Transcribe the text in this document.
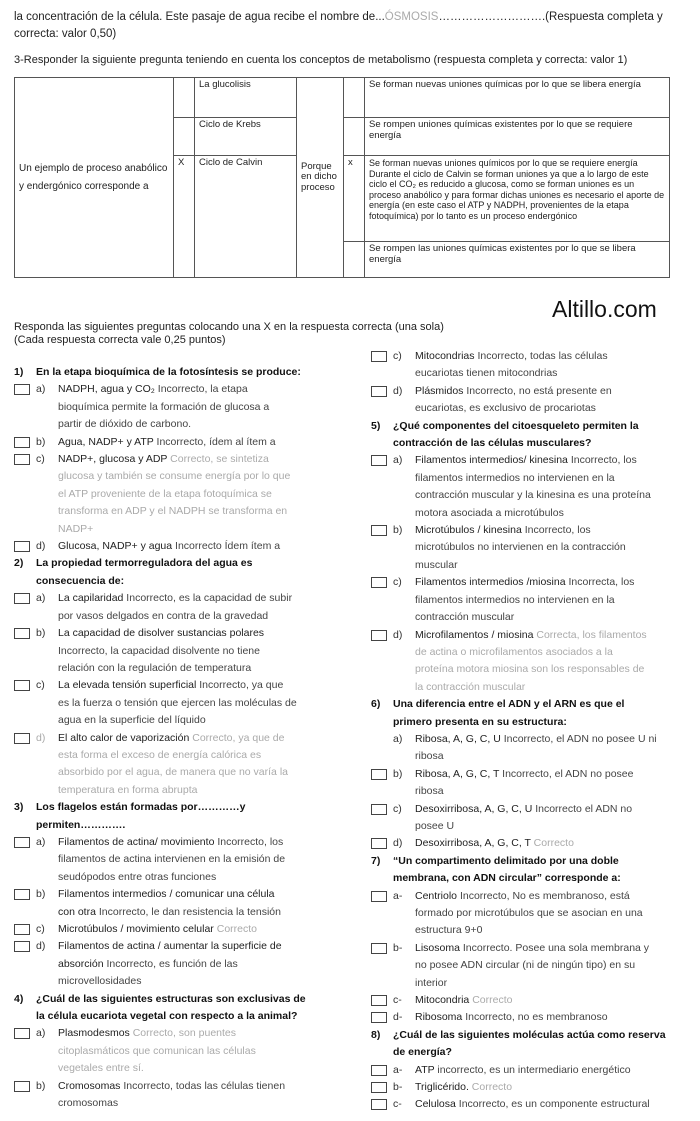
la concentración de la célula. Este pasaje de agua recibe el nombre de...ÓSMOSIS……………………….(Respuesta completa y
correcta: valor 0,50)
3-Responder la siguiente pregunta teniendo en cuenta los conceptos de metabolismo (respuesta completa y correcta: valor 1)
Un ejemplo de proceso anabólico y endergónico corresponde a		La glucolisis	Porque en dicho proceso		Se forman nuevas uniones químicas por lo que se libera energía
		Ciclo de Krebs			Se rompen uniones químicas existentes por lo que se requiere energía
	X	Ciclo de Calvin		x	Se forman nuevas uniones químicos por lo que se requiere energía Durante el ciclo de Calvin se forman uniones ya que a lo largo de este ciclo el CO₂ es reducido a glucosa, como se forman uniones es un proceso anabólico y para formar dichas uniones es necesario el aporte de energía (en este caso el ATP y NADPH, provenientes de la etapa fotoquímica) por lo tanto es un proceso endergónico
					Se rompen las uniones químicas existentes por lo que se libera energía
Altillo.com
Responda las siguientes preguntas colocando una X en la respuesta correcta (una sola)
(Cada respuesta correcta vale 0,25 puntos)
1) En la etapa bioquímica de la fotosíntesis se produce:
a) NADPH, agua y CO₂ Incorrecto, la etapa
bioquímica permite la formación de glucosa a
partir de dióxido de carbono.
b) Agua, NADP+ y ATP Incorrecto, ídem al ítem a
c) NADP+, glucosa y ADP Correcto, se sintetiza
glucosa y también se consume energía por lo que
el ATP proveniente de la etapa fotoquímica se
transforma en ADP y el NADPH se transforma en
NADP+
d) Glucosa, NADP+ y agua Incorrecto Ídem ítem a
2) La propiedad termorreguladora del agua es
consecuencia de:
a) La capilaridad Incorrecto, es la capacidad de subir
por vasos delgados en contra de la gravedad
b) La capacidad de disolver sustancias polares
Incorrecto, la capacidad disolvente no tiene
relación con la regulación de temperatura
c) La elevada tensión superficial Incorrecto, ya que
es la fuerza o tensión que ejercen las moléculas de
agua en la superficie del líquido
d) El alto calor de vaporización Correcto, ya que de
esta forma el exceso de energía calórica es
absorbido por el agua, de manera que no varía la
temperatura en forma abrupta
3) Los flagelos están formadas por…………y
permiten………….
a) Filamentos de actina/ movimiento Incorrecto, los
filamentos de actina intervienen en la emisión de
seudópodos entre otras funciones
b) Filamentos intermedios / comunicar una célula
con otra Incorrecto, le dan resistencia la tensión
c) Microtúbulos / movimiento celular Correcto
d) Filamentos de actina / aumentar la superficie de
absorción Incorrecto, es función de las
microvellosidades
4) ¿Cuál de las siguientes estructuras son exclusivas de
la célula eucariota vegetal con respecto a la animal?
a) Plasmodesmos Correcto, son puentes
citoplasmáticos que comunican las células
vegetales entre sí.
b) Cromosomas Incorrecto, todas las células tienen
cromosomas
c) Mitocondrias Incorrecto, todas las células
eucariotas tienen mitocondrias
d) Plásmidos Incorrecto, no está presente en
eucariotas, es exclusivo de procariotas
5) ¿Qué componentes del citoesqueleto permiten la
contracción de las células musculares?
a) Filamentos intermedios/ kinesina Incorrecto, los
filamentos intermedios no intervienen en la
contracción muscular y la kinesina es una proteína
motora asociada a microtúbulos
b) Microtúbulos / kinesina Incorrecto, los
microtúbulos no intervienen en la contracción
muscular
c) Filamentos intermedios /miosina Incorrecta, los
filamentos intermedios no intervienen en la
contracción muscular
d) Microfilamentos / miosina Correcta, los filamentos
de actina o microfilamentos asociados a la
proteína motora miosina son los responsables de
la contracción muscular
6) Una diferencia entre el ADN y el ARN es que el
primero presenta en su estructura:
a) Ribosa, A, G, C, U Incorrecto, el ADN no posee U ni
ribosa
b) Ribosa, A, G, C, T Incorrecto, el ADN no posee
ribosa
c) Desoxirribosa, A, G, C, U Incorrecto el ADN no
posee U
d) Desoxirribosa, A, G, C, T Correcto
7) “Un compartimento delimitado por una doble
membrana, con ADN circular” corresponde a:
a- Centriolo Incorrecto, No es membranoso, está
formado por microtúbulos que se asocian en una
estructura 9+0
b- Lisosoma Incorrecto. Posee una sola membrana y
no posee ADN circular (ni de ningún tipo) en su
interior
c- Mitocondria Correcto
d- Ribosoma Incorrecto, no es membranoso
8) ¿Cuál de las siguientes moléculas actúa como reserva
de energía?
a- ATP incorrecto, es un intermediario energético
b- Triglicérido. Correcto
c- Celulosa Incorrecto, es un componente estructural
